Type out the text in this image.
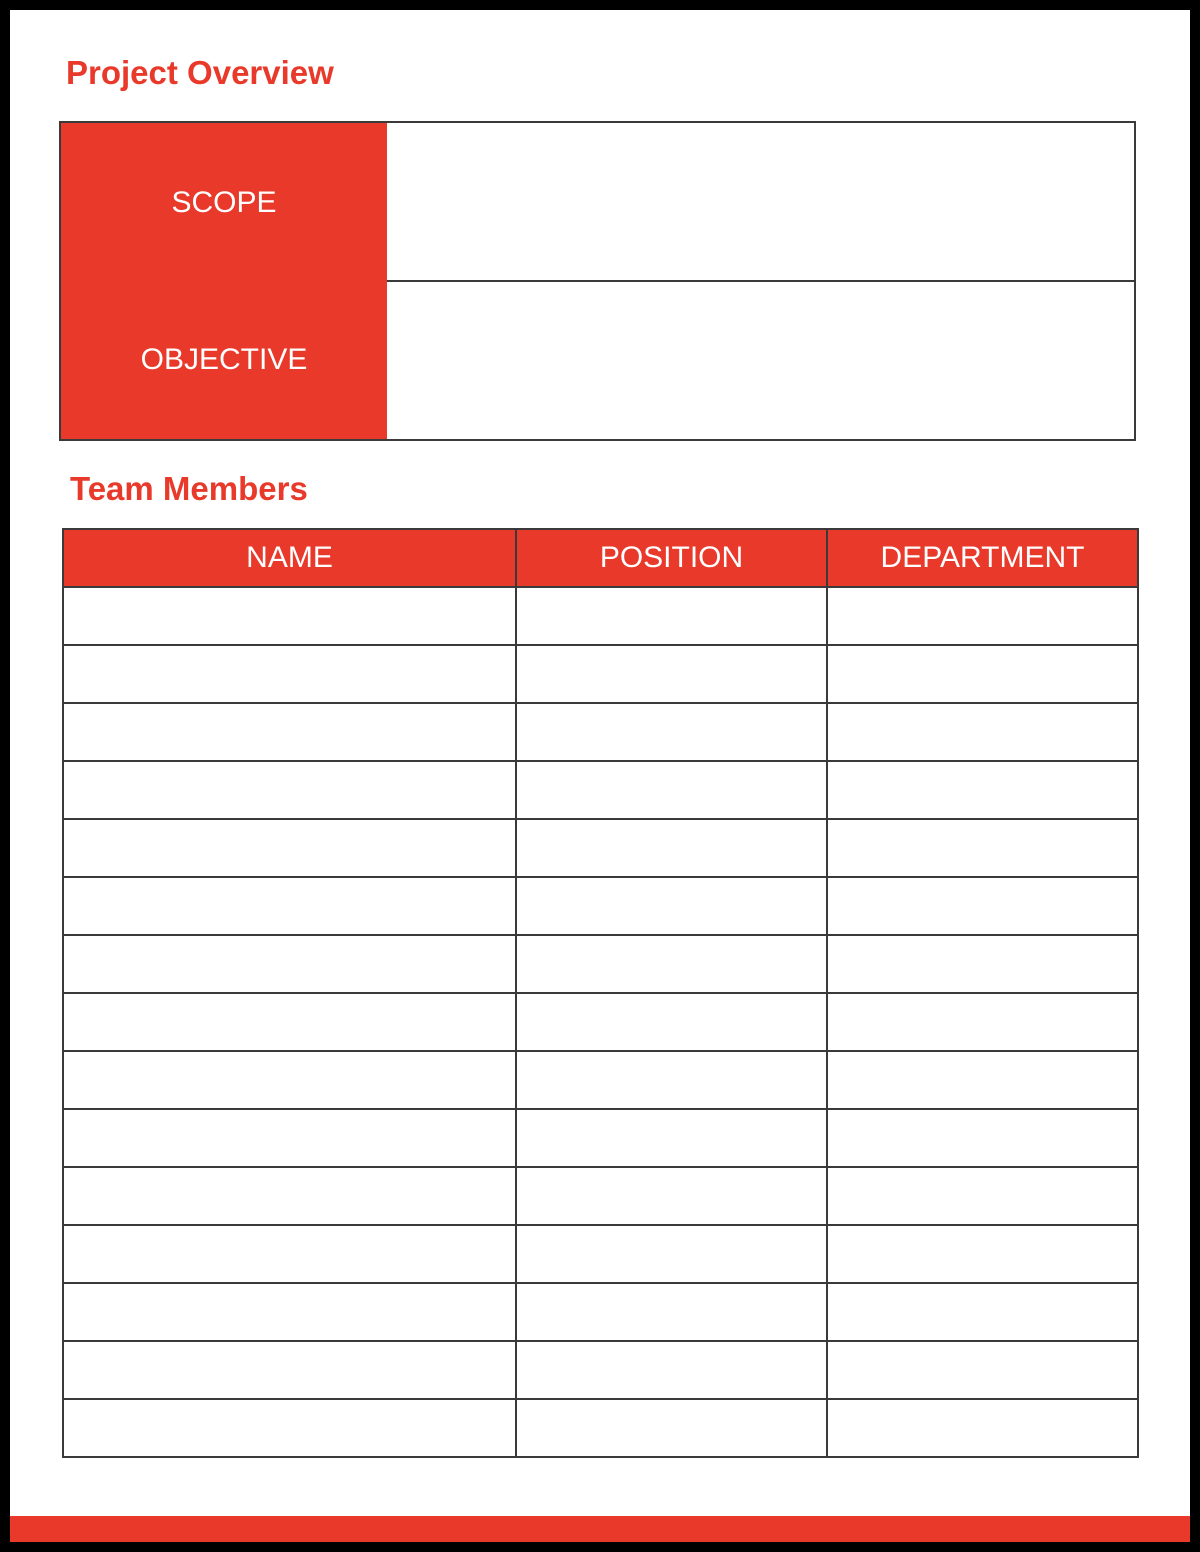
Project Overview
SCOPE
OBJECTIVE
Team Members
NAME	POSITION	DEPARTMENT
